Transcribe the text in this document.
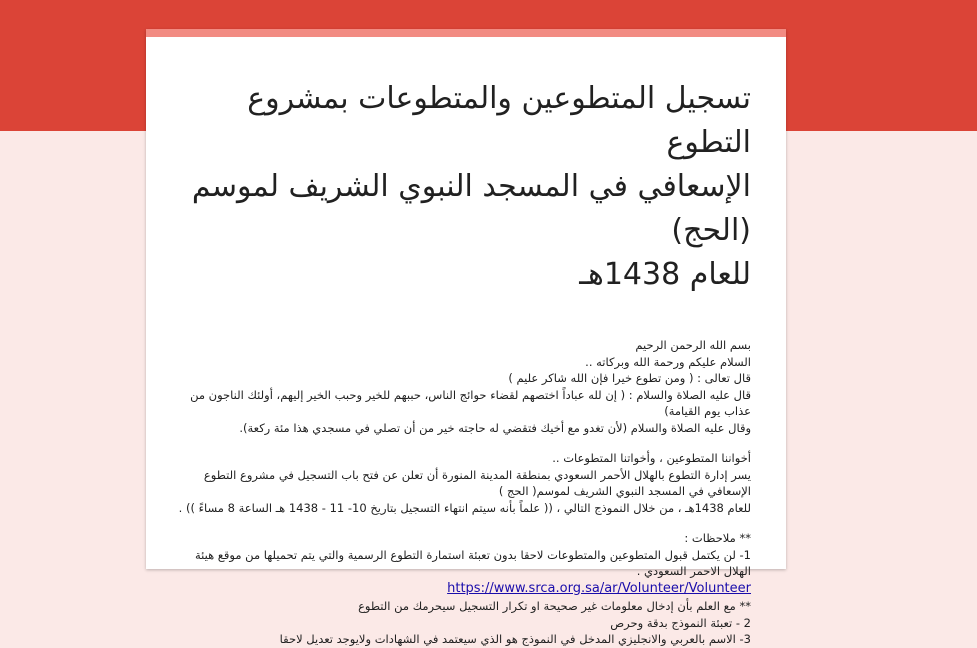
تسجيل المتطوعين والمتطوعات بمشروع التطوع
الإسعافي في المسجد النبوي الشريف لموسم (الحج)
للعام 1438هـ

بسم الله الرحمن الرحيم

السلام عليكم ورحمة الله وبركاته ..

قال تعالى : ( ومن تطوع خيرا فإن الله شاكر عليم )

قال عليه الصلاة والسلام : ( إن لله عباداً اختصهم لقضاء حوائج الناس، حببهم للخير وحبب الخير إليهم، أولئك الناجون من عذاب يوم القيامة)

وقال عليه الصلاة والسلام (لأن تغدو مع أخيك فتقضي له حاجته خير من أن تصلي في مسجدي هذا مئة ركعة).

أخواننا المتطوعين ، وأخواتنا المتطوعات ..

يسر إدارة التطوع بالهلال الأحمر السعودي بمنطقة المدينة المنورة أن تعلن عن فتح باب التسجيل في مشروع التطوع الإسعافي في المسجد النبوي الشريف لموسم( الحج )

للعام 1438هـ ، من خلال النموذج التالي ، (( علماً بأنه سيتم انتهاء التسجيل بتاريخ 10- 11 - 1438 هـ الساعة 8 مساءً )) .

** ملاحظات :

1- لن يكتمل قبول المتطوعين والمتطوعات لاحقا بدون تعبئة استمارة التطوع الرسمية والتي يتم تحميلها من موقع هيئة الهلال الاحمر السعودي .

https://www.srca.org.sa/ar/Volunteer/Volunteer

** مع العلم بأن إدخال معلومات غير صحيحة او تكرار التسجيل سيحرمك من التطوع

2 - تعبئة النموذج بدقة وحرص

3- الاسم بالعربي والانجليزي المدخل في النموذج هو الذي سيعتمد في الشهادات ولايوجد تعديل لاحقا
